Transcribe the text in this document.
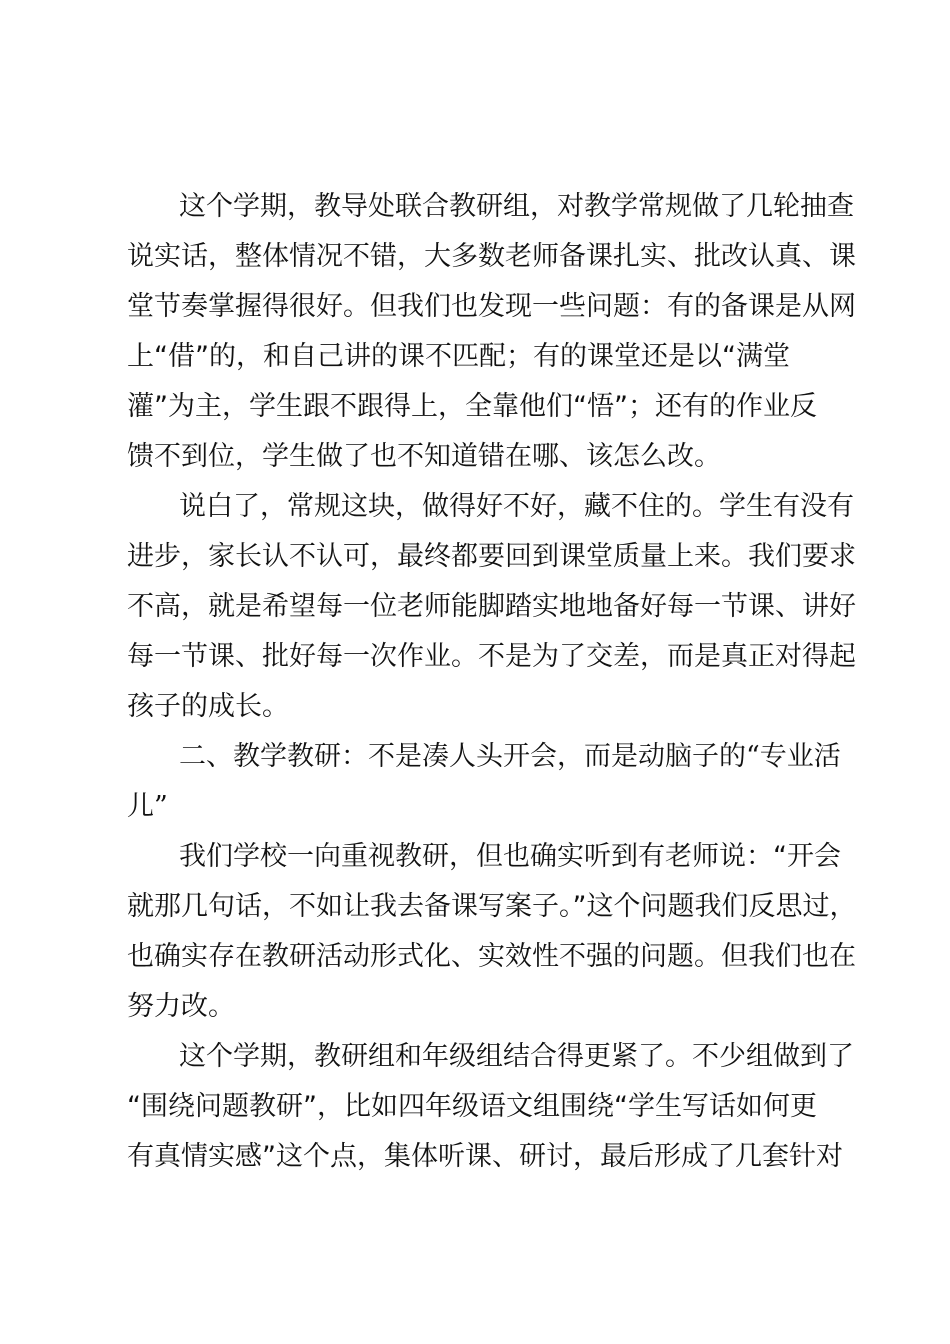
这个学期，教导处联合教研组，对教学常规做了几轮抽查
说实话，整体情况不错，大多数老师备课扎实、批改认真、课
堂节奏掌握得很好。但我们也发现一些问题：有的备课是从网
上“借”的，和自己讲的课不匹配；有的课堂还是以“满堂
灌”为主，学生跟不跟得上，全靠他们“悟”；还有的作业反
馈不到位，学生做了也不知道错在哪、该怎么改。
说白了，常规这块，做得好不好，藏不住的。学生有没有
进步，家长认不认可，最终都要回到课堂质量上来。我们要求
不高，就是希望每一位老师能脚踏实地地备好每一节课、讲好
每一节课、批好每一次作业。不是为了交差，而是真正对得起
孩子的成长。
二、教学教研：不是凑人头开会，而是动脑子的“专业活
儿”
我们学校一向重视教研，但也确实听到有老师说：“开会
就那几句话，不如让我去备课写案子。”这个问题我们反思过，
也确实存在教研活动形式化、实效性不强的问题。但我们也在
努力改。
这个学期，教研组和年级组结合得更紧了。不少组做到了
“围绕问题教研”，比如四年级语文组围绕“学生写话如何更
有真情实感”这个点，集体听课、研讨，最后形成了几套针对
